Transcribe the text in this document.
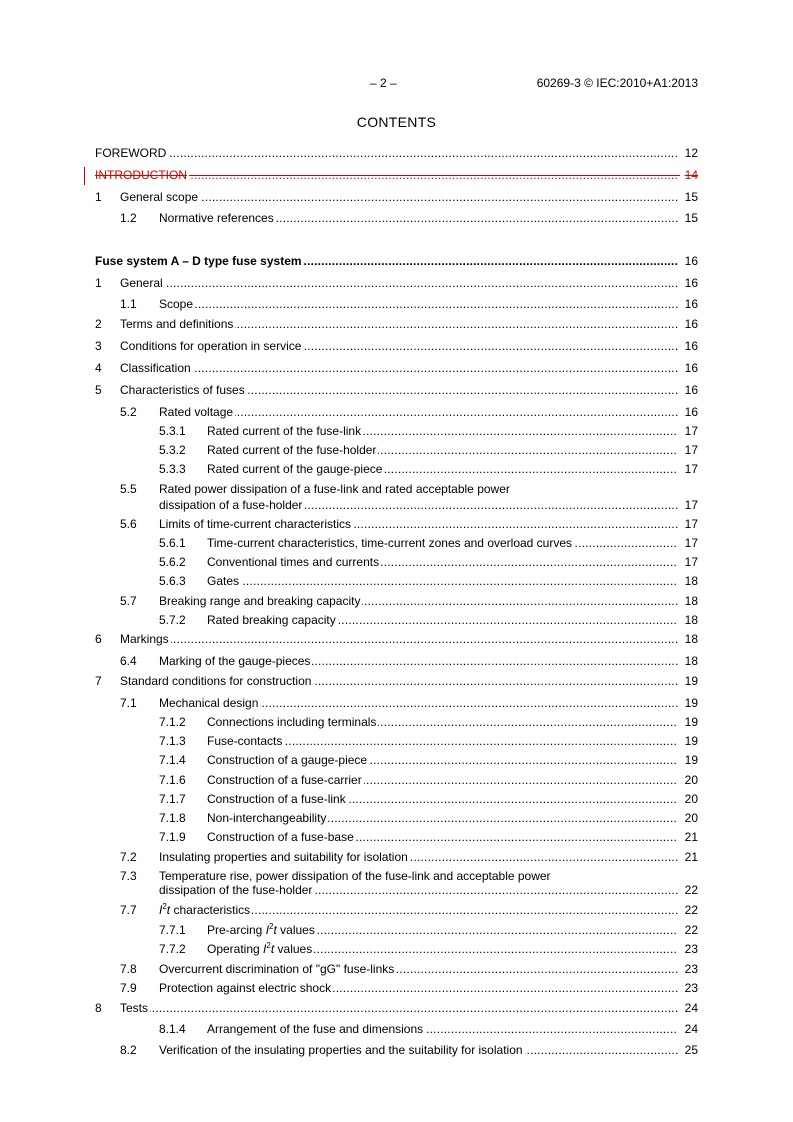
– 2 –	60269-3 © IEC:2010+A1:2013
CONTENTS
FOREWORD .....	12
INTRODUCTION .....	14
1 General scope .....	15
1.2 Normative references .....	15
Fuse system A – D type fuse system .....	16
1 General .....	16
1.1 Scope .....	16
2 Terms and definitions .....	16
3 Conditions for operation in service .....	16
4 Classification .....	16
5 Characteristics of fuses .....	16
5.2 Rated voltage .....	16
5.3.1 Rated current of the fuse-link .....	17
5.3.2 Rated current of the fuse-holder .....	17
5.3.3 Rated current of the gauge-piece .....	17
5.5 Rated power dissipation of a fuse-link and rated acceptable power
dissipation of a fuse-holder .....	17
5.6 Limits of time-current characteristics .....	17
5.6.1 Time-current characteristics, time-current zones and overload curves .....	17
5.6.2 Conventional times and currents .....	17
5.6.3 Gates .....	18
5.7 Breaking range and breaking capacity .....	18
5.7.2 Rated breaking capacity .....	18
6 Markings .....	18
6.4 Marking of the gauge-pieces .....	18
7 Standard conditions for construction .....	19
7.1 Mechanical design .....	19
7.1.2 Connections including terminals .....	19
7.1.3 Fuse-contacts .....	19
7.1.4 Construction of a gauge-piece .....	19
7.1.6 Construction of a fuse-carrier .....	20
7.1.7 Construction of a fuse-link .....	20
7.1.8 Non-interchangeability .....	20
7.1.9 Construction of a fuse-base .....	21
7.2 Insulating properties and suitability for isolation .....	21
7.3 Temperature rise, power dissipation of the fuse-link and acceptable power
dissipation of the fuse-holder .....	22
7.7 $I^2t$ characteristics .....	22
7.7.1 Pre-arcing $I^2t$ values .....	22
7.7.2 Operating $I^2t$ values .....	23
7.8 Overcurrent discrimination of "gG" fuse-links .....	23
7.9 Protection against electric shock .....	23
8 Tests .....	24
8.1.4 Arrangement of the fuse and dimensions .....	24
8.2 Verification of the insulating properties and the suitability for isolation .....	25
